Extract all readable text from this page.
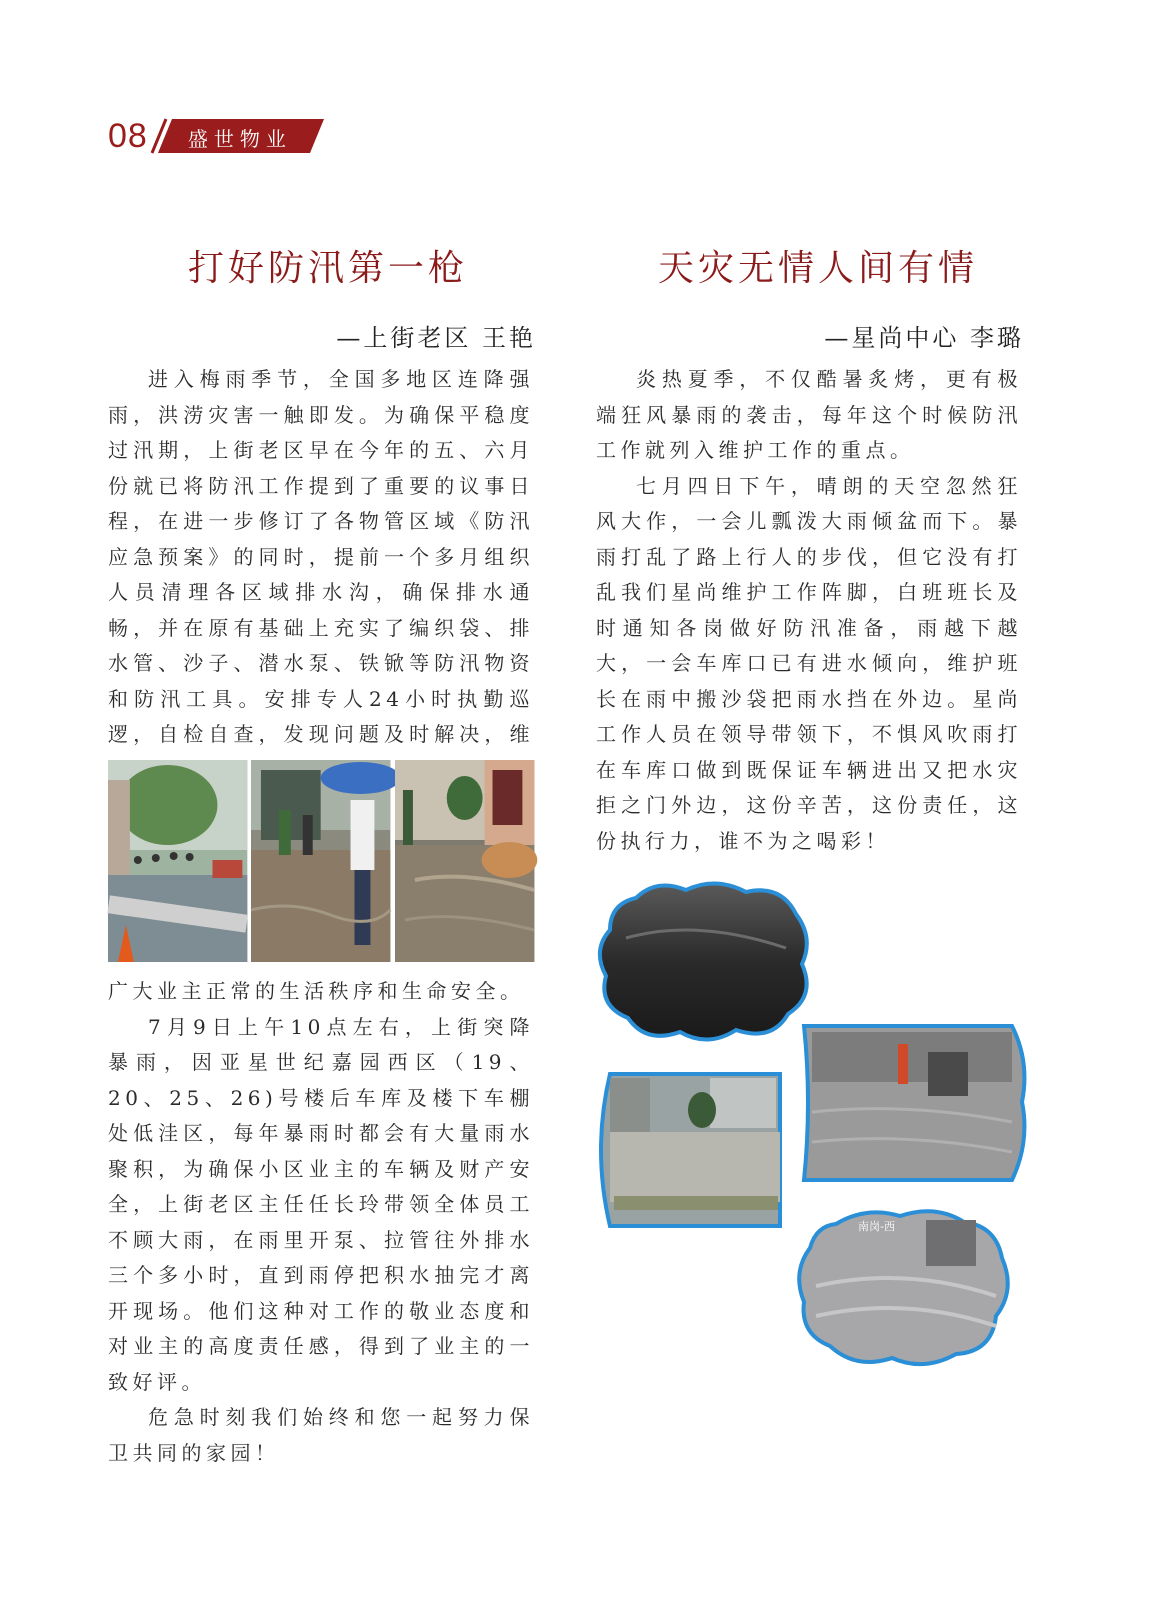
08 盛世物业
打好防汛第一枪
—上街老区 王艳

进入梅雨季节，全国多地区连降强雨，洪涝灾害一触即发。为确保平稳度过汛期，上街老区早在今年的五、六月份就已将防汛工作提到了重要的议事日程，在进一步修订了各物管区域《防汛应急预案》的同时，提前一个多月组织人员清理各区域排水沟，确保排水通畅，并在原有基础上充实了编织袋、排水管、沙子、潜水泵、铁锨等防汛物资和防汛工具。安排专人24小时执勤巡逻，自检自查，发现问题及时解决，维

广大业主正常的生活秩序和生命安全。

7月9日上午10点左右，上街突降暴雨，因亚星世纪嘉园西区（19、20、25、26)号楼后车库及楼下车棚处低洼区，每年暴雨时都会有大量雨水聚积，为确保小区业主的车辆及财产安全，上街老区主任任长玲带领全体员工不顾大雨，在雨里开泵、拉管往外排水三个多小时，直到雨停把积水抽完才离开现场。他们这种对工作的敬业态度和对业主的高度责任感，得到了业主的一致好评。

危急时刻我们始终和您一起努力保卫共同的家园！

天灾无情人间有情
—星尚中心 李璐

炎热夏季，不仅酷暑炙烤，更有极端狂风暴雨的袭击，每年这个时候防汛工作就列入维护工作的重点。

七月四日下午，晴朗的天空忽然狂风大作，一会儿瓢泼大雨倾盆而下。暴雨打乱了路上行人的步伐，但它没有打乱我们星尚维护工作阵脚，白班班长及时通知各岗做好防汛准备，雨越下越大，一会车库口已有进水倾向，维护班长在雨中搬沙袋把雨水挡在外边。星尚工作人员在领导带领下，不惧风吹雨打在车库口做到既保证车辆进出又把水灾拒之门外边，这份辛苦，这份责任，这份执行力，谁不为之喝彩！

南岗-西
